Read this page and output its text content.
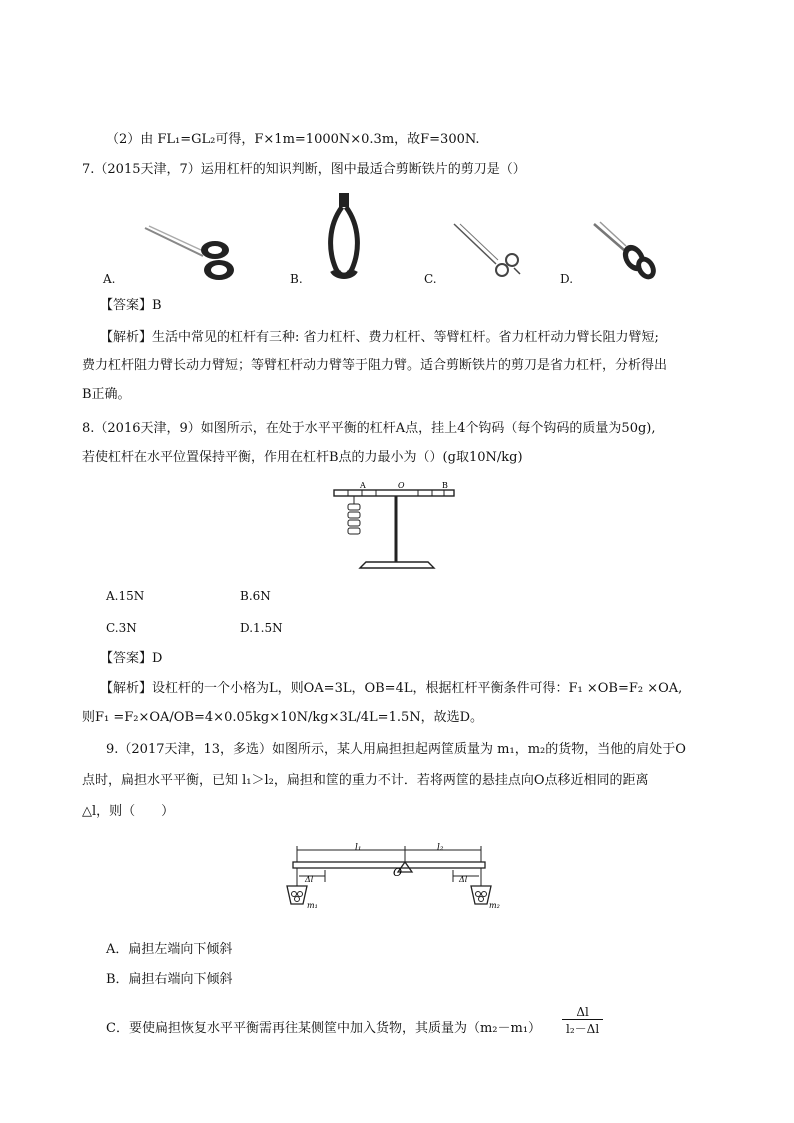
（2）由 FL₁=GL₂可得，F×1m=1000N×0.3m，故F=300N.
7.（2015天津，7）运用杠杆的知识判断，图中最适合剪断铁片的剪刀是（）
A.	B.	C.	D.
【答案】B
【解析】生活中常见的杠杆有三种: 省力杠杆、费力杠杆、等臂杠杆。省力杠杆动力臂长阻力臂短;
费力杠杆阻力臂长动力臂短；等臂杠杆动力臂等于阻力臂。适合剪断铁片的剪刀是省力杠杆，分析得出
B正确。
8.（2016天津，9）如图所示，在处于水平平衡的杠杆A点，挂上4个钩码（每个钩码的质量为50g),
若使杠杆在水平位置保持平衡，作用在杠杆B点的力最小为（）(g取10N/kg)
A	O	B
A.15N	B.6N
C.3N	D.1.5N
【答案】D
【解析】设杠杆的一个小格为L，则OA=3L，OB=4L，根据杠杆平衡条件可得：F₁ ×OB=F₂ ×OA,
则F₁ =F₂×OA/OB=4×0.05kg×10N/kg×3L/4L=1.5N，故选D。
9.（2017天津，13，多选）如图所示，某人用扁担担起两筐质量为 m₁，m₂的货物，当他的肩处于O
点时，扁担水平平衡，已知 l₁＞l₂，扁担和筐的重力不计．若将两筐的悬挂点向O点移近相同的距离
△l，则（　　）
l₁	l₂
O
Δl	Δl
m₁	m₂
A．扁担左端向下倾斜
B．扁担右端向下倾斜
C．要使扁担恢复水平平衡需再往某侧筐中加入货物，其质量为$(m_2-m_1) \frac{\Delta l}{\text{l₂－Δl}}$
